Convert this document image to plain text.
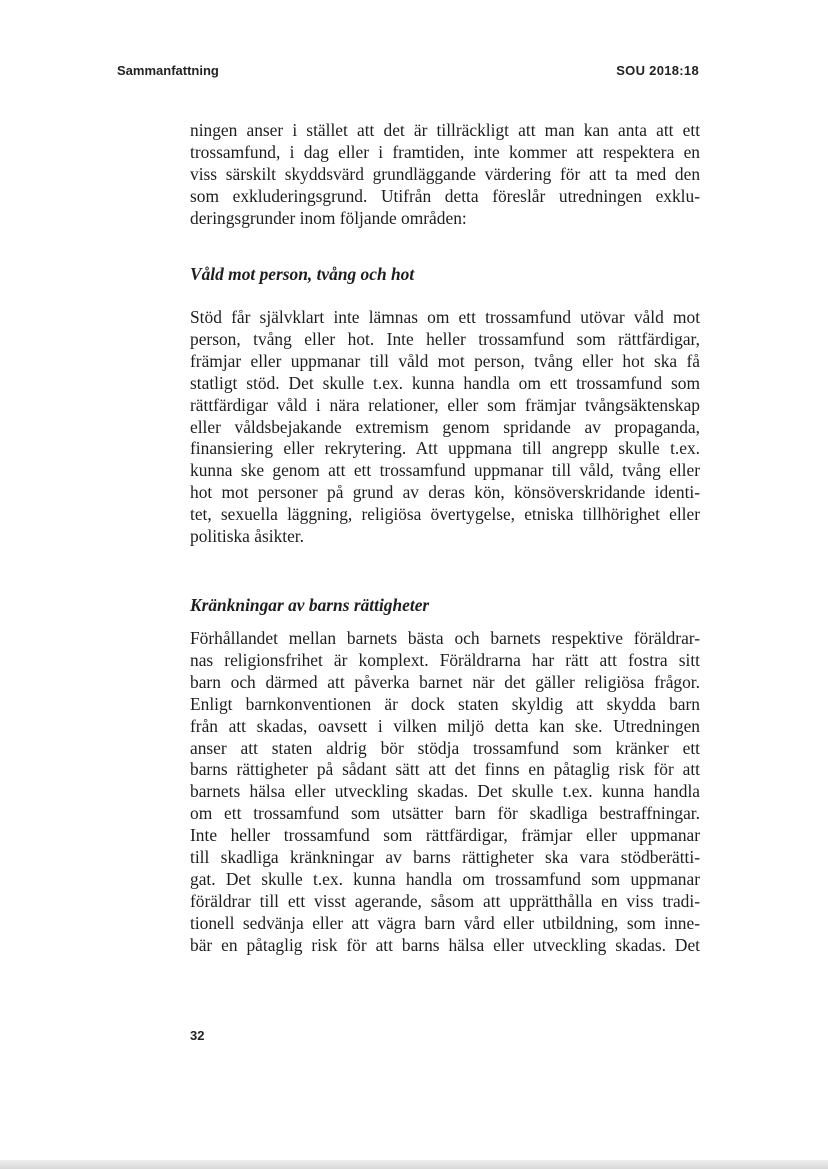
Sammanfattning	SOU 2018:18
ningen anser i stället att det är tillräckligt att man kan anta att ett
trossamfund, i dag eller i framtiden, inte kommer att respektera en
viss särskilt skyddsvärd grundläggande värdering för att ta med den
som exkluderingsgrund. Utifrån detta föreslår utredningen exklu-
deringsgrunder inom följande områden:
Våld mot person, tvång och hot
Stöd får självklart inte lämnas om ett trossamfund utövar våld mot
person, tvång eller hot. Inte heller trossamfund som rättfärdigar,
främjar eller uppmanar till våld mot person, tvång eller hot ska få
statligt stöd. Det skulle t.ex. kunna handla om ett trossamfund som
rättfärdigar våld i nära relationer, eller som främjar tvångsäktenskap
eller våldsbejakande extremism genom spridande av propaganda,
finansiering eller rekrytering. Att uppmana till angrepp skulle t.ex.
kunna ske genom att ett trossamfund uppmanar till våld, tvång eller
hot mot personer på grund av deras kön, könsöverskridande identi-
tet, sexuella läggning, religiösa övertygelse, etniska tillhörighet eller
politiska åsikter.
Kränkningar av barns rättigheter
Förhållandet mellan barnets bästa och barnets respektive föräldrar-
nas religionsfrihet är komplext. Föräldrarna har rätt att fostra sitt
barn och därmed att påverka barnet när det gäller religiösa frågor.
Enligt barnkonventionen är dock staten skyldig att skydda barn
från att skadas, oavsett i vilken miljö detta kan ske. Utredningen
anser att staten aldrig bör stödja trossamfund som kränker ett
barns rättigheter på sådant sätt att det finns en påtaglig risk för att
barnets hälsa eller utveckling skadas. Det skulle t.ex. kunna handla
om ett trossamfund som utsätter barn för skadliga bestraffningar.
Inte heller trossamfund som rättfärdigar, främjar eller uppmanar
till skadliga kränkningar av barns rättigheter ska vara stödberätti-
gat. Det skulle t.ex. kunna handla om trossamfund som uppmanar
föräldrar till ett visst agerande, såsom att upprätthålla en viss tradi-
tionell sedvänja eller att vägra barn vård eller utbildning, som inne-
bär en påtaglig risk för att barns hälsa eller utveckling skadas. Det
32
